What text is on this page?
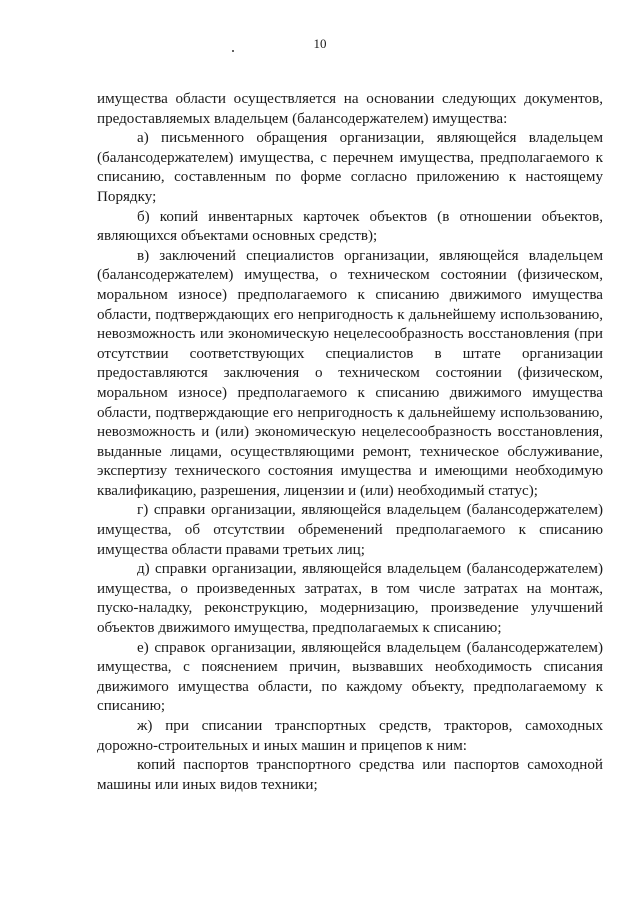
10

имущества области осуществляется на основании следующих документов, предоставляемых владельцем (балансодержателем) имущества:

а) письменного обращения организации, являющейся владельцем (балансодержателем) имущества, с перечнем имущества, предполагаемого к списанию, составленным по форме согласно приложению к настоящему Порядку;

б) копий инвентарных карточек объектов (в отношении объектов, являющихся объектами основных средств);

в) заключений специалистов организации, являющейся владельцем (балансодержателем) имущества, о техническом состоянии (физическом, моральном износе) предполагаемого к списанию движимого имущества области, подтверждающих его непригодность к дальнейшему использованию, невозможность или экономическую нецелесообразность восстановления (при отсутствии соответствующих специалистов в штате организации предоставляются заключения о техническом состоянии (физическом, моральном износе) предполагаемого к списанию движимого имущества области, подтверждающие его непригодность к дальнейшему использованию, невозможность и (или) экономическую нецелесообразность восстановления, выданные лицами, осуществляющими ремонт, техническое обслуживание, экспертизу технического состояния имущества и имеющими необходимую квалификацию, разрешения, лицензии и (или) необходимый статус);

г) справки организации, являющейся владельцем (балансодержателем) имущества, об отсутствии обременений предполагаемого к списанию имущества области правами третьих лиц;

д) справки организации, являющейся владельцем (балансодержателем) имущества, о произведенных затратах, в том числе затратах на монтаж, пуско-наладку, реконструкцию, модернизацию, произведение улучшений объектов движимого имущества, предполагаемых к списанию;

е) справок организации, являющейся владельцем (балансодержателем) имущества, с пояснением причин, вызвавших необходимость списания движимого имущества области, по каждому объекту, предполагаемому к списанию;

ж) при списании транспортных средств, тракторов, самоходных дорожно-строительных и иных машин и прицепов к ним:

копий паспортов транспортного средства или паспортов самоходной машины или иных видов техники;
